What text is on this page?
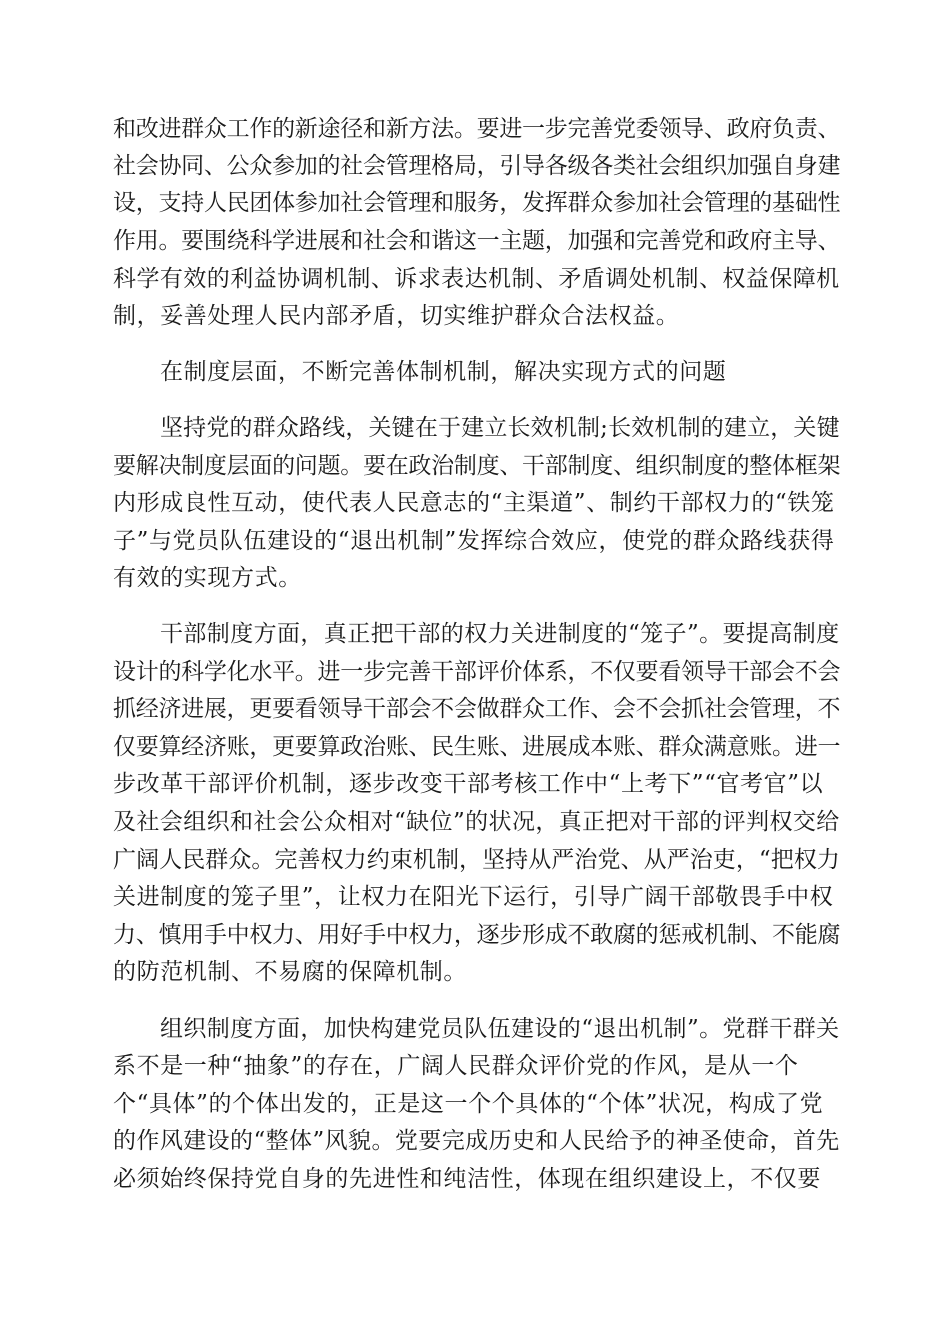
和改进群众工作的新途径和新方法。要进一步完善党委领导、政府负责、
社会协同、公众参加的社会管理格局，引导各级各类社会组织加强自身建
设，支持人民团体参加社会管理和服务，发挥群众参加社会管理的基础性
作用。要围绕科学进展和社会和谐这一主题，加强和完善党和政府主导、
科学有效的利益协调机制、诉求表达机制、矛盾调处机制、权益保障机
制，妥善处理人民内部矛盾，切实维护群众合法权益。
在制度层面，不断完善体制机制，解决实现方式的问题
坚持党的群众路线，关键在于建立长效机制;长效机制的建立，关键
要解决制度层面的问题。要在政治制度、干部制度、组织制度的整体框架
内形成良性互动，使代表人民意志的“主渠道”、制约干部权力的“铁笼
子”与党员队伍建设的“退出机制”发挥综合效应，使党的群众路线获得
有效的实现方式。
干部制度方面，真正把干部的权力关进制度的“笼子”。要提高制度
设计的科学化水平。进一步完善干部评价体系，不仅要看领导干部会不会
抓经济进展，更要看领导干部会不会做群众工作、会不会抓社会管理，不
仅要算经济账，更要算政治账、民生账、进展成本账、群众满意账。进一
步改革干部评价机制，逐步改变干部考核工作中“上考下”“官考官”以
及社会组织和社会公众相对“缺位”的状况，真正把对干部的评判权交给
广阔人民群众。完善权力约束机制，坚持从严治党、从严治吏，“把权力
关进制度的笼子里”，让权力在阳光下运行，引导广阔干部敬畏手中权
力、慎用手中权力、用好手中权力，逐步形成不敢腐的惩戒机制、不能腐
的防范机制、不易腐的保障机制。
组织制度方面，加快构建党员队伍建设的“退出机制”。党群干群关
系不是一种“抽象”的存在，广阔人民群众评价党的作风，是从一个
个“具体”的个体出发的，正是这一个个具体的“个体”状况，构成了党
的作风建设的“整体”风貌。党要完成历史和人民给予的神圣使命，首先
必须始终保持党自身的先进性和纯洁性，体现在组织建设上，不仅要
